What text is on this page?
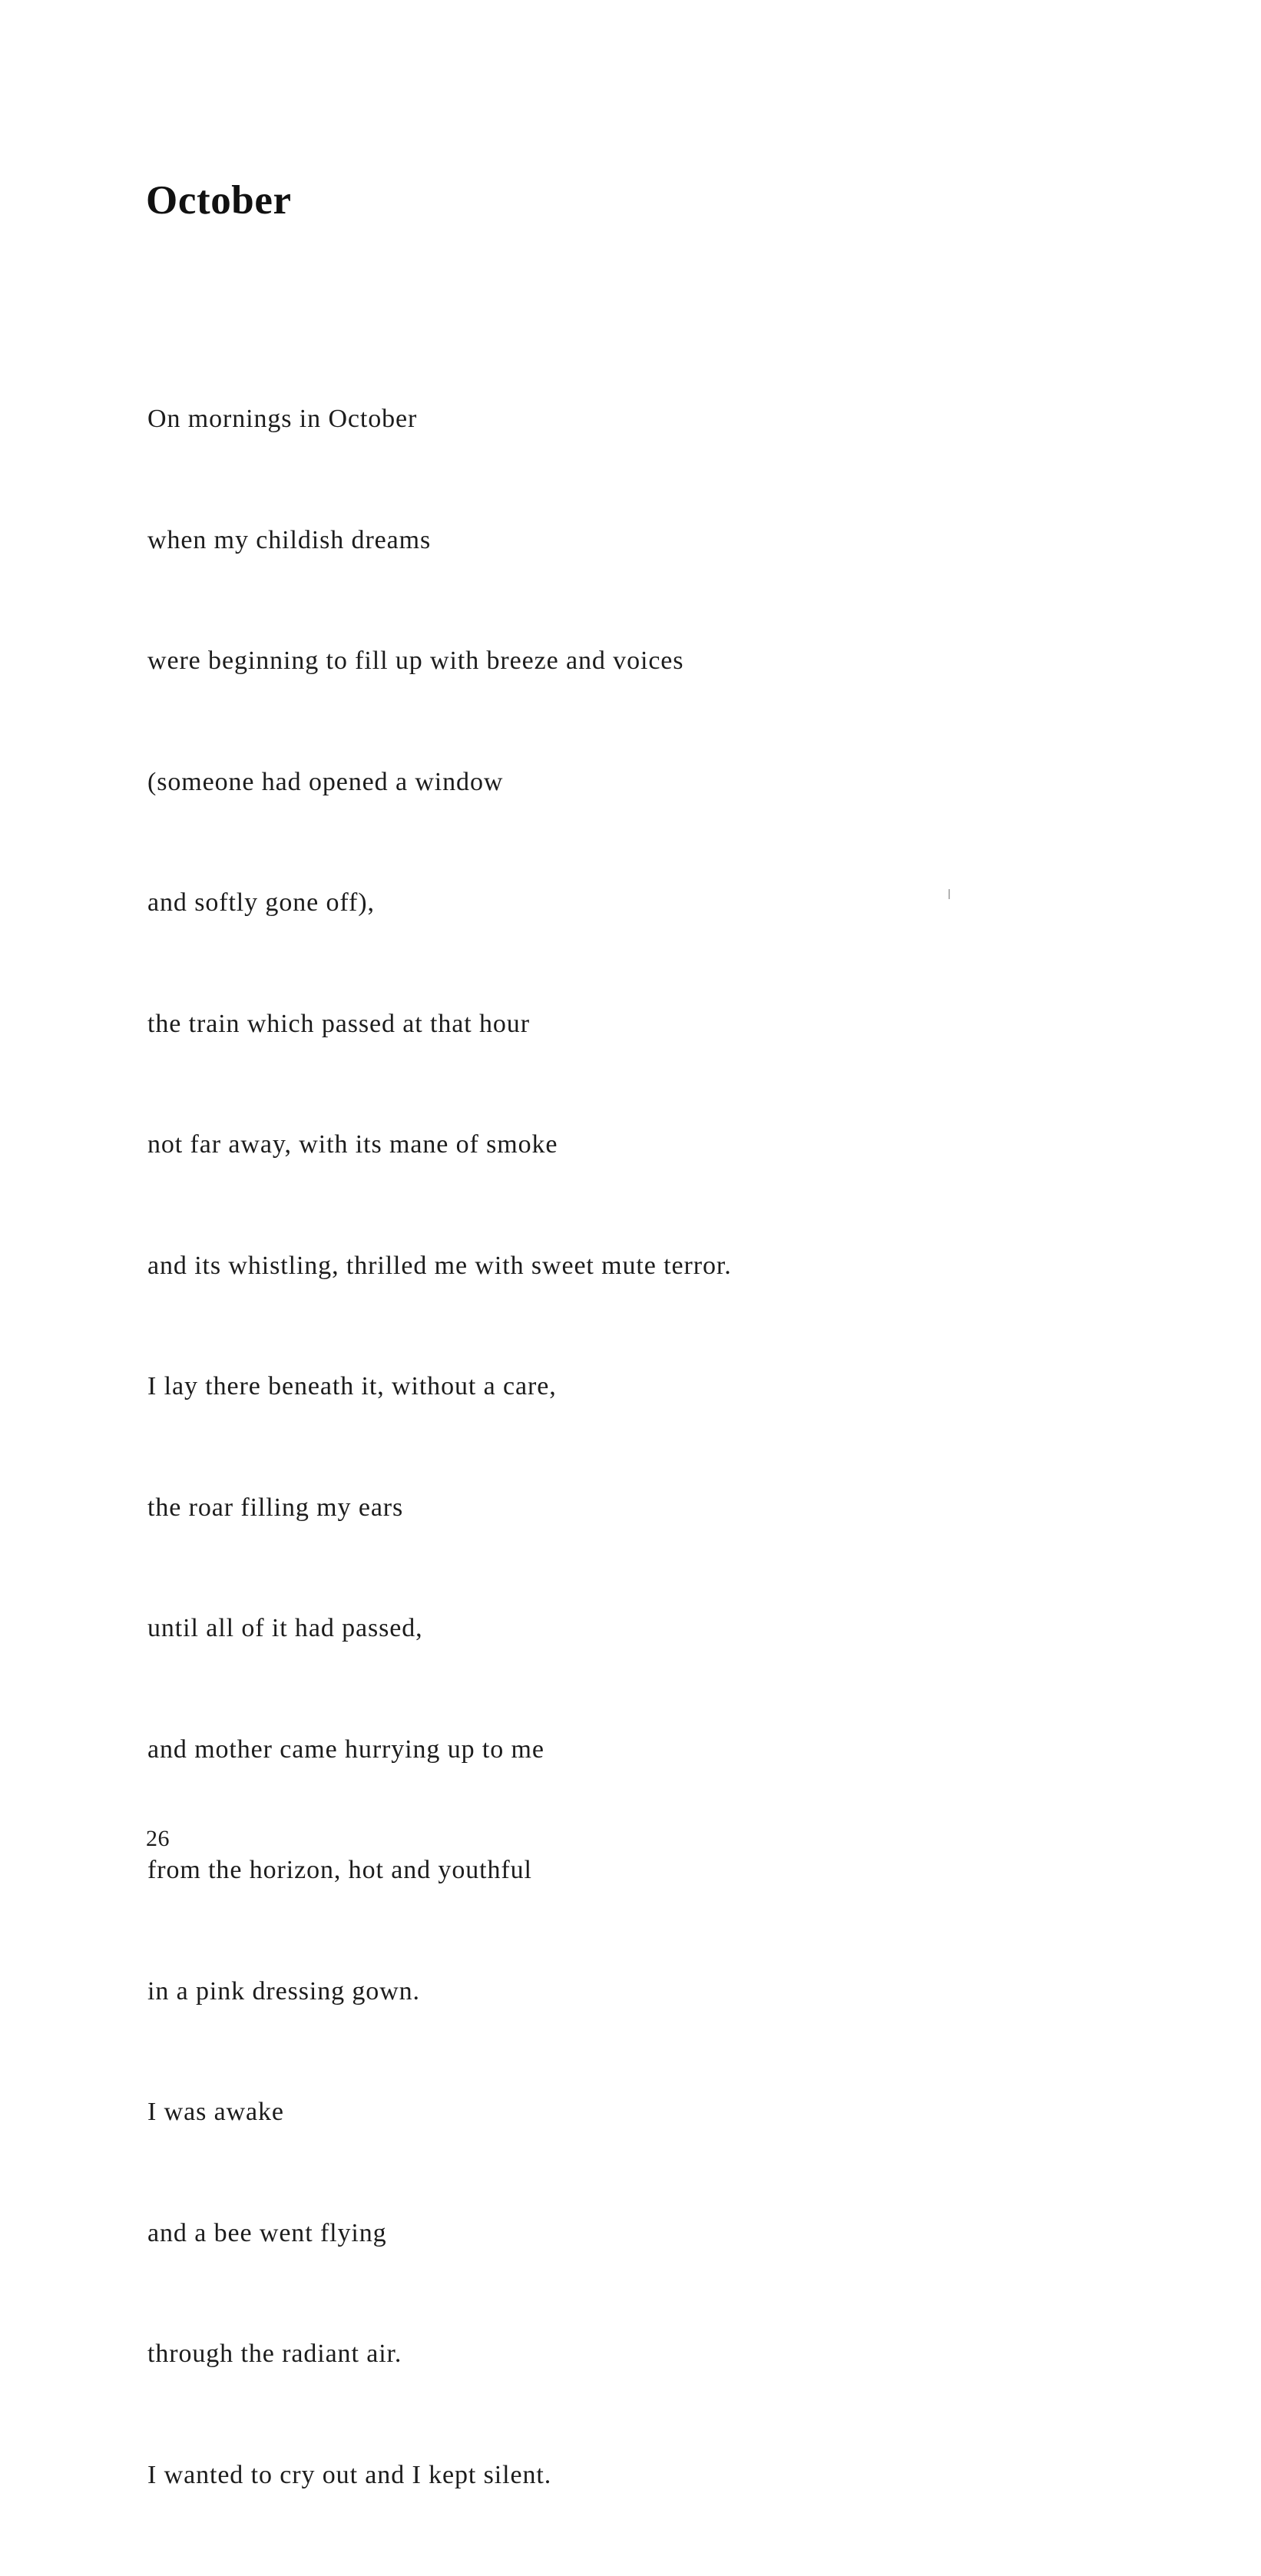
October

On mornings in October

when my childish dreams

were beginning to fill up with breeze and voices

(someone had opened a window

and softly gone off),

the train which passed at that hour

not far away, with its mane of smoke

and its whistling, thrilled me with sweet mute terror.

I lay there beneath it, without a care,

the roar filling my ears

until all of it had passed,

and mother came hurrying up to me

from the horizon, hot and youthful

in a pink dressing gown.

I was awake

and a bee went flying

through the radiant air.

I wanted to cry out and I kept silent.

26
